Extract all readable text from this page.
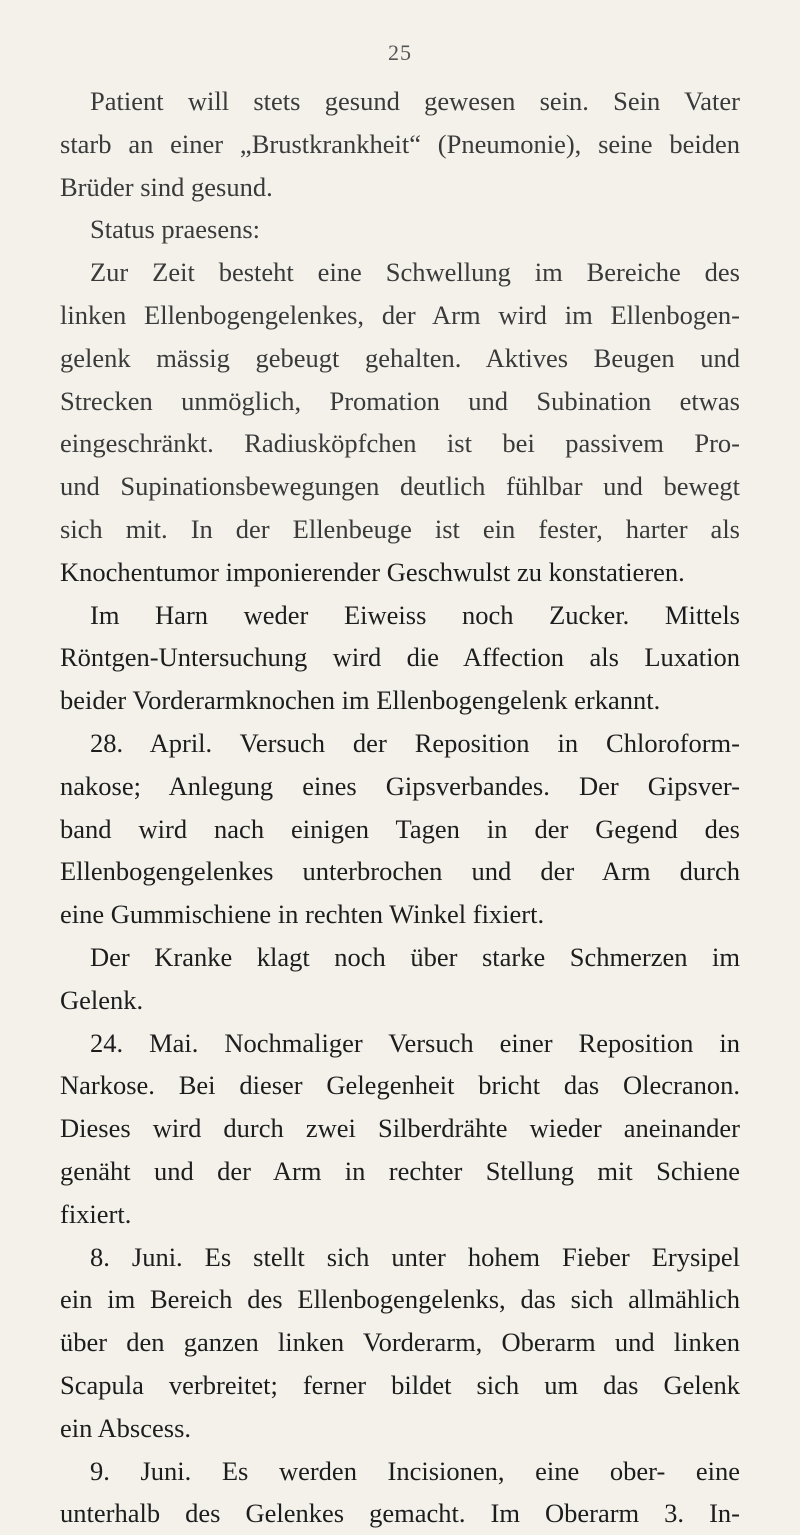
25
Patient will stets gesund gewesen sein. Sein Vater
starb an einer „Brustkrankheit“ (Pneumonie), seine beiden
Brüder sind gesund.
Status praesens:
Zur Zeit besteht eine Schwellung im Bereiche des
linken Ellenbogengelenkes, der Arm wird im Ellenbogen-
gelenk mässig gebeugt gehalten. Aktives Beugen und
Strecken unmöglich, Promation und Subination etwas
eingeschränkt. Radiusköpfchen ist bei passivem Pro-
und Supinationsbewegungen deutlich fühlbar und bewegt
sich mit. In der Ellenbeuge ist ein fester, harter als
Knochentumor imponierender Geschwulst zu konstatieren.
Im Harn weder Eiweiss noch Zucker. Mittels
Röntgen-Untersuchung wird die Affection als Luxation
beider Vorderarmknochen im Ellenbogengelenk erkannt.
28. April. Versuch der Reposition in Chloroform-
nakose; Anlegung eines Gipsverbandes. Der Gipsver-
band wird nach einigen Tagen in der Gegend des
Ellenbogengelenkes unterbrochen und der Arm durch
eine Gummischiene in rechten Winkel fixiert.
Der Kranke klagt noch über starke Schmerzen im
Gelenk.
24. Mai. Nochmaliger Versuch einer Reposition in
Narkose. Bei dieser Gelegenheit bricht das Olecranon.
Dieses wird durch zwei Silberdrähte wieder aneinander
genäht und der Arm in rechter Stellung mit Schiene
fixiert.
8. Juni. Es stellt sich unter hohem Fieber Erysipel
ein im Bereich des Ellenbogengelenks, das sich allmählich
über den ganzen linken Vorderarm, Oberarm und linken
Scapula verbreitet; ferner bildet sich um das Gelenk
ein Abscess.
9. Juni. Es werden Incisionen, eine ober- eine
unterhalb des Gelenkes gemacht. Im Oberarm 3. In-
